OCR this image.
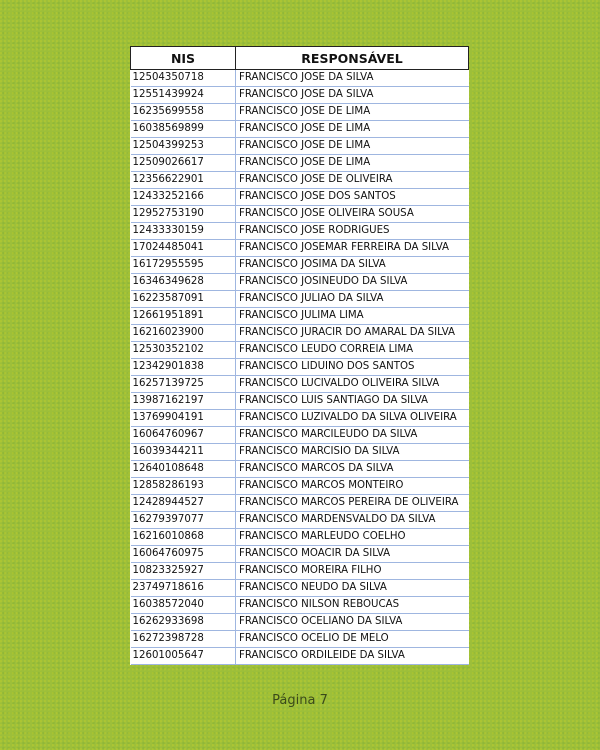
NIS	RESPONSÁVEL
12504350718	FRANCISCO JOSE DA SILVA
12551439924	FRANCISCO JOSE DA SILVA
16235699558	FRANCISCO JOSE DE LIMA
16038569899	FRANCISCO JOSE DE LIMA
12504399253	FRANCISCO JOSE DE LIMA
12509026617	FRANCISCO JOSE DE LIMA
12356622901	FRANCISCO JOSE DE OLIVEIRA
12433252166	FRANCISCO JOSE DOS SANTOS
12952753190	FRANCISCO JOSE OLIVEIRA SOUSA
12433330159	FRANCISCO JOSE RODRIGUES
17024485041	FRANCISCO JOSEMAR FERREIRA DA SILVA
16172955595	FRANCISCO JOSIMA DA SILVA
16346349628	FRANCISCO JOSINEUDO DA SILVA
16223587091	FRANCISCO JULIAO DA SILVA
12661951891	FRANCISCO JULIMA LIMA
16216023900	FRANCISCO JURACIR DO AMARAL DA SILVA
12530352102	FRANCISCO LEUDO CORREIA LIMA
12342901838	FRANCISCO LIDUINO DOS SANTOS
16257139725	FRANCISCO LUCIVALDO OLIVEIRA SILVA
13987162197	FRANCISCO LUIS SANTIAGO DA SILVA
13769904191	FRANCISCO LUZIVALDO DA SILVA OLIVEIRA
16064760967	FRANCISCO MARCILEUDO DA SILVA
16039344211	FRANCISCO MARCISIO DA SILVA
12640108648	FRANCISCO MARCOS DA SILVA
12858286193	FRANCISCO MARCOS MONTEIRO
12428944527	FRANCISCO MARCOS PEREIRA DE OLIVEIRA
16279397077	FRANCISCO MARDENSVALDO DA SILVA
16216010868	FRANCISCO MARLEUDO COELHO
16064760975	FRANCISCO MOACIR DA SILVA
10823325927	FRANCISCO MOREIRA FILHO
23749718616	FRANCISCO NEUDO DA SILVA
16038572040	FRANCISCO NILSON REBOUCAS
16262933698	FRANCISCO OCELIANO DA SILVA
16272398728	FRANCISCO OCELIO DE MELO
12601005647	FRANCISCO ORDILEIDE DA SILVA
Página 7
